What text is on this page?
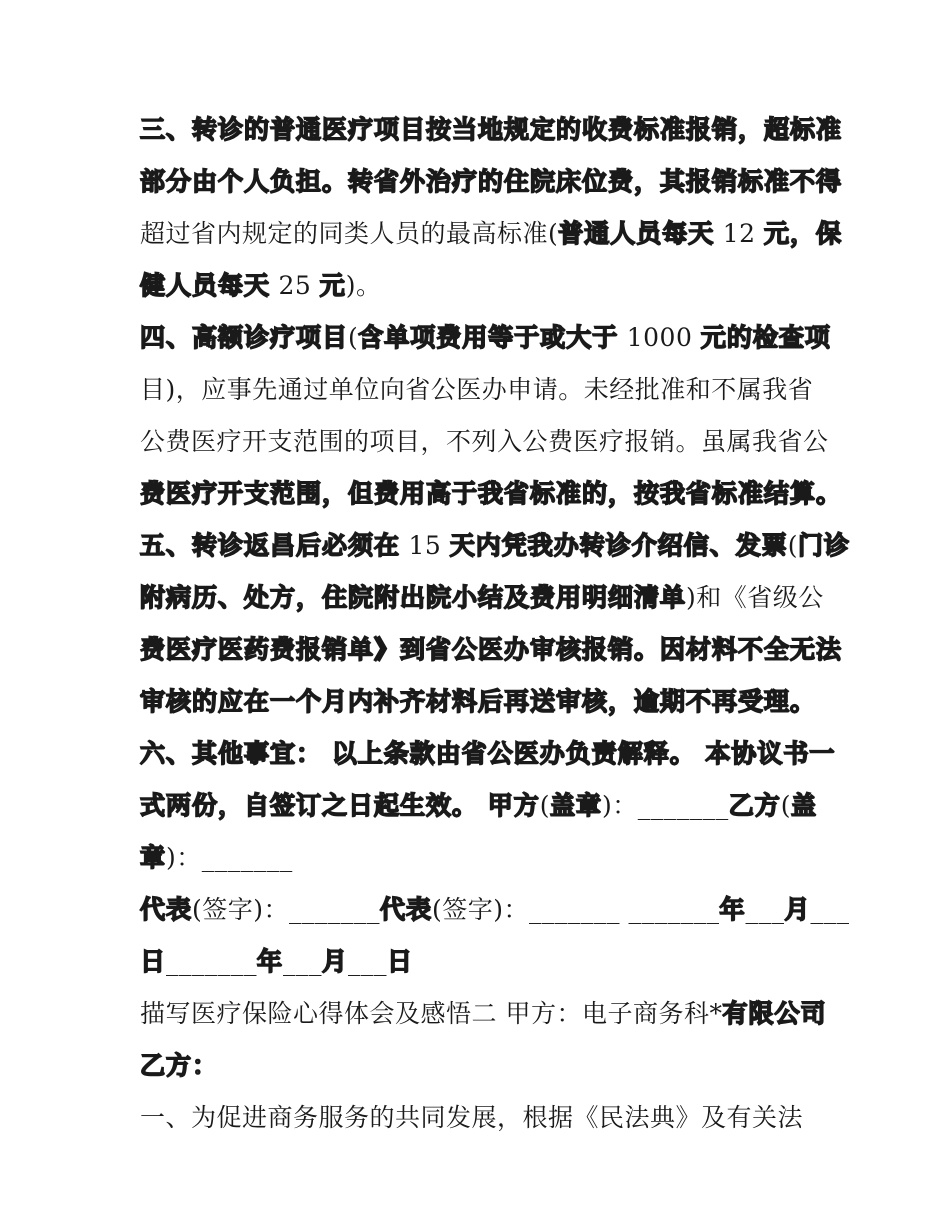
三、转诊的普通医疗项目按当地规定的收费标准报销，超标准
部分由个人负担。转省外治疗的住院床位费，其报销标准不得
超过省内规定的同类人员的最高标准(普通人员每天 12 元，保
健人员每天 25 元)。
四、高额诊疗项目(含单项费用等于或大于 1000 元的检查项
目)，应事先通过单位向省公医办申请。未经批准和不属我省
公费医疗开支范围的项目，不列入公费医疗报销。虽属我省公
费医疗开支范围，但费用高于我省标准的，按我省标准结算。
五、转诊返昌后必须在 15 天内凭我办转诊介绍信、发票(门诊
附病历、处方，住院附出院小结及费用明细清单)和《省级公
费医疗医药费报销单》到省公医办审核报销。因材料不全无法
审核的应在一个月内补齐材料后再送审核，逾期不再受理。
六、其他事宜： 以上条款由省公医办负责解释。 本协议书一
式两份，自签订之日起生效。 甲方(盖章)：_______乙方(盖
章)：_______
代表(签字)：_______代表(签字)：_______ _______年___月___
日_______年___月___日
描写医疗保险心得体会及感悟二 甲方：电子商务科*有限公司
乙方：
一、为促进商务服务的共同发展，根据《民法典》及有关法
